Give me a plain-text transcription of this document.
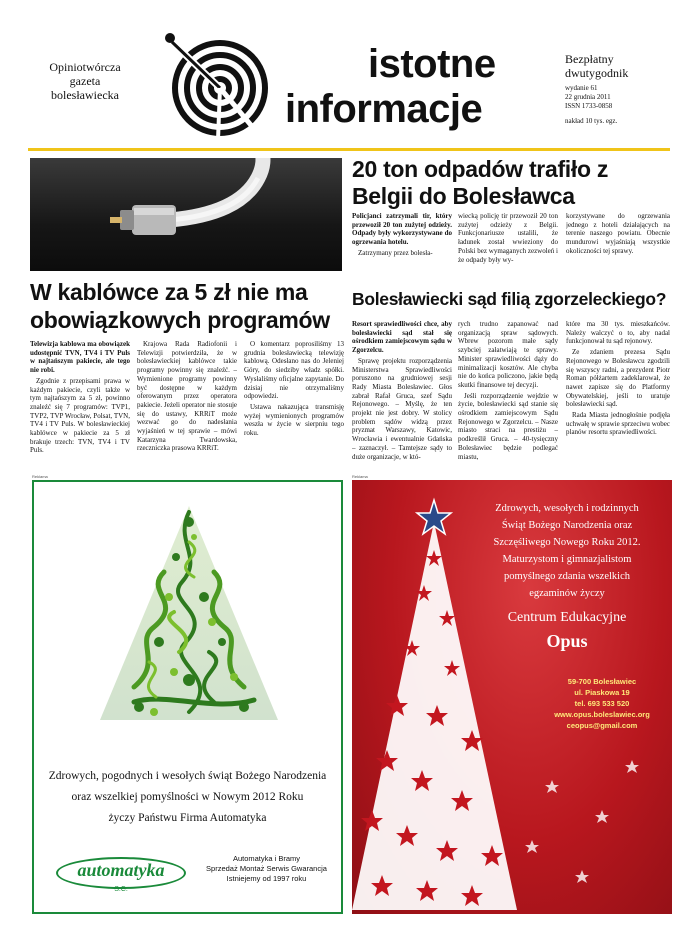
Opiniotwórcza
gazeta
bolesławiecka
istotne
informacje
Bezpłatny
dwutygodnik
wydanie 61
22 grudnia 2011
ISSN 1733-0858
nakład 10 tys. egz.
20 ton odpadów trafiło z Belgii do Bolesławca

Policjanci zatrzymali tir, który przewoził 20 ton zużytej odzieży. Odpady były wykorzystywane do ogrzewania hotelu.

Zatrzymany przez bolesła-

wiecką policję tir przewoził 20 ton zużytej odzieży z Belgii. Funkcjonariusze ustalili, że ładunek został wwieziony do Polski bez wymaganych zezwoleń i że odpady były wy-

korzystywane do ogrzewania jednego z hoteli działających na terenie naszego powiatu. Obecnie mundurowi wyjaśniają wszystkie okoliczności tej sprawy.

W kablówce za 5 zł nie ma obowiązkowych programów

Telewizja kablowa ma obowiązek udostępnić TVN, TV4 i TV Puls w najtańszym pakiecie, ale tego nie robi.

Zgodnie z przepisami prawa w każdym pakiecie, czyli także w tym najtańszym za 5 zł, powinno znaleźć się 7 programów: TVP1, TVP2, TVP Wrocław, Polsat, TVN, TV4 i TV Puls. W bolesławieckiej kablówce w pakiecie za 5 zł brakuje trzech: TVN, TV4 i TV Puls.

Krajowa Rada Radiofonii i Telewizji potwierdziła, że w bolesławieckiej kablówce takie programy powinny się znaleźć. – Wymienione programy powinny być dostępne w każdym oferowanym przez operatora pakiecie. Jeżeli operator nie stosuje się do ustawy, KRRiT może wezwać go do nadesłania wyjaśnień w tej sprawie – mówi Katarzyna Twardowska, rzeczniczka prasowa KRRiT.

O komentarz poprosiliśmy 13 grudnia bolesławiecką telewizję kablową. Odesłano nas do Jeleniej Góry, do siedziby władz spółki. Wysłaliśmy oficjalne zapytanie. Do dzisiaj nie otrzymaliśmy odpowiedzi.

Ustawa nakazująca transmisję wyżej wymienionych programów weszła w życie w sierpniu tego roku.

Bolesławiecki sąd filią zgorzeleckiego?

Resort sprawiedliwości chce, aby bolesławiecki sąd stał się ośrodkiem zamiejscowym sądu w Zgorzelcu.

Sprawę projektu rozporządzenia Ministerstwa Sprawiedliwości poruszono na grudniowej sesji Rady Miasta Bolesławiec. Głos zabrał Rafał Gruca, szef Sądu Rejonowego. – Myślę, że ten projekt nie jest dobry. W stolicy problem sądów widzą przez pryzmat Warszawy, Katowic, Wrocławia i ewentualnie Gdańska – zaznaczył. – Tamtejsze sądy to duże organizacje, w któ-

rych trudno zapanować nad organizacją spraw sądowych. Wbrew pozorom małe sądy szybciej załatwiają te sprawy. Minister sprawiedliwości dąży do minimalizacji kosztów. Ale chyba nie do końca policzono, jakie będą skutki finansowe tej decyzji.

Jeśli rozporządzenie wejdzie w życie, bolesławiecki sąd stanie się ośrodkiem zamiejscowym Sądu Rejonowego w Zgorzelcu. – Nasze miasto straci na prestiżu – podkreślił Gruca. – 40-tysięczny Bolesławiec będzie podlegać miastu,

które ma 30 tys. mieszkańców. Należy walczyć o to, aby nadal funkcjonował tu sąd rejonowy.

Ze zdaniem prezesa Sądu Rejonowego w Bolesławcu zgodzili się wszyscy radni, a prezydent Piotr Roman półżartem zadeklarował, że nawet zapisze się do Platformy Obywatelskiej, jeśli to uratuje bolesławiecki sąd.

Rada Miasta jednogłośnie podjęła uchwałę w sprawie sprzeciwu wobec planów resortu sprawiedliwości.

Reklama	Reklama
Zdrowych, pogodnych i wesołych świąt Bożego Narodzenia
oraz wszelkiej pomyślności w Nowym 2012 Roku
życzy Państwu Firma Automatyka
automatyka
S.C.
Automatyka i Bramy
Sprzedaż Montaż Serwis Gwarancja
Istniejemy od 1997 roku
Zdrowych, wesołych i rodzinnych
Świąt Bożego Narodzenia oraz
Szczęśliwego Nowego Roku 2012.
Maturzystom i gimnazjalistom
pomyślnego zdania wszelkich
egzaminów życzy
Centrum Edukacyjne
Opus
59-700 Bolesławiec
ul. Piaskowa 19
tel. 693 533 520
www.opus.boleslawiec.org
ceopus@gmail.com
